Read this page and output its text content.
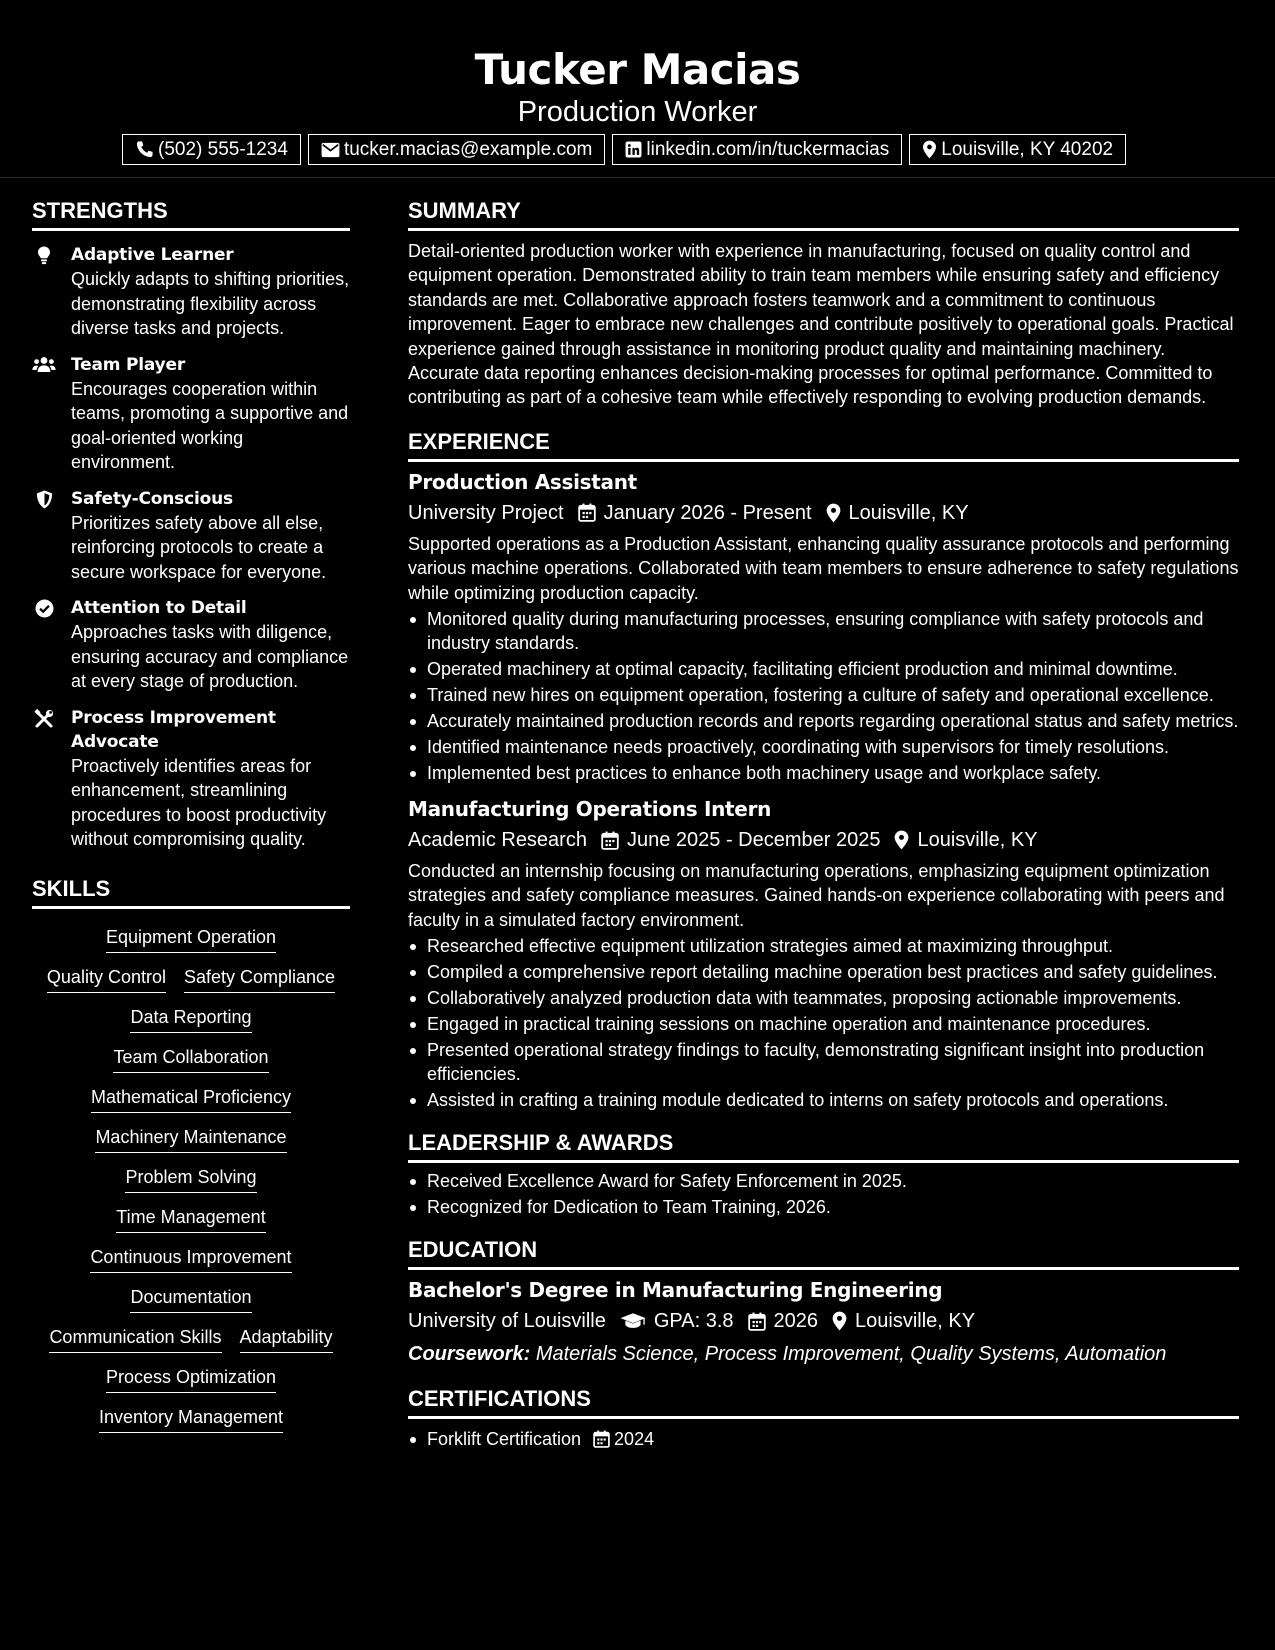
Tucker Macias
Production Worker
(502) 555-1234	tucker.macias@example.com	linkedin.com/in/tuckermacias	Louisville, KY 40202
STRENGTHS
Adaptive Learner
Quickly adapts to shifting priorities, demonstrating flexibility across diverse tasks and projects.
Team Player
Encourages cooperation within teams, promoting a supportive and goal-oriented working environment.
Safety-Conscious
Prioritizes safety above all else, reinforcing protocols to create a secure workspace for everyone.
Attention to Detail
Approaches tasks with diligence, ensuring accuracy and compliance at every stage of production.
Process Improvement Advocate
Proactively identifies areas for enhancement, streamlining procedures to boost productivity without compromising quality.
SKILLS
Equipment Operation
Quality Control Safety Compliance
Data Reporting
Team Collaboration
Mathematical Proficiency
Machinery Maintenance
Problem Solving
Time Management
Continuous Improvement
Documentation
Communication Skills Adaptability
Process Optimization
Inventory Management
SUMMARY
Detail-oriented production worker with experience in manufacturing, focused on quality control and equipment operation. Demonstrated ability to train team members while ensuring safety and efficiency standards are met. Collaborative approach fosters teamwork and a commitment to continuous improvement. Eager to embrace new challenges and contribute positively to operational goals. Practical experience gained through assistance in monitoring product quality and maintaining machinery. Accurate data reporting enhances decision-making processes for optimal performance. Committed to contributing as part of a cohesive team while effectively responding to evolving production demands.
EXPERIENCE
Production Assistant
University Project January 2026 - Present Louisville, KY
Supported operations as a Production Assistant, enhancing quality assurance protocols and performing various machine operations. Collaborated with team members to ensure adherence to safety regulations while optimizing production capacity.
Monitored quality during manufacturing processes, ensuring compliance with safety protocols and industry standards.
Operated machinery at optimal capacity, facilitating efficient production and minimal downtime.
Trained new hires on equipment operation, fostering a culture of safety and operational excellence.
Accurately maintained production records and reports regarding operational status and safety metrics.
Identified maintenance needs proactively, coordinating with supervisors for timely resolutions.
Implemented best practices to enhance both machinery usage and workplace safety.
Manufacturing Operations Intern
Academic Research June 2025 - December 2025 Louisville, KY
Conducted an internship focusing on manufacturing operations, emphasizing equipment optimization strategies and safety compliance measures. Gained hands-on experience collaborating with peers and faculty in a simulated factory environment.
Researched effective equipment utilization strategies aimed at maximizing throughput.
Compiled a comprehensive report detailing machine operation best practices and safety guidelines.
Collaboratively analyzed production data with teammates, proposing actionable improvements.
Engaged in practical training sessions on machine operation and maintenance procedures.
Presented operational strategy findings to faculty, demonstrating significant insight into production efficiencies.
Assisted in crafting a training module dedicated to interns on safety protocols and operations.
LEADERSHIP & AWARDS
Received Excellence Award for Safety Enforcement in 2025.
Recognized for Dedication to Team Training, 2026.
EDUCATION
Bachelor's Degree in Manufacturing Engineering
University of Louisville GPA: 3.8 2026 Louisville, KY
Coursework: Materials Science, Process Improvement, Quality Systems, Automation
CERTIFICATIONS
Forklift Certification 2024
